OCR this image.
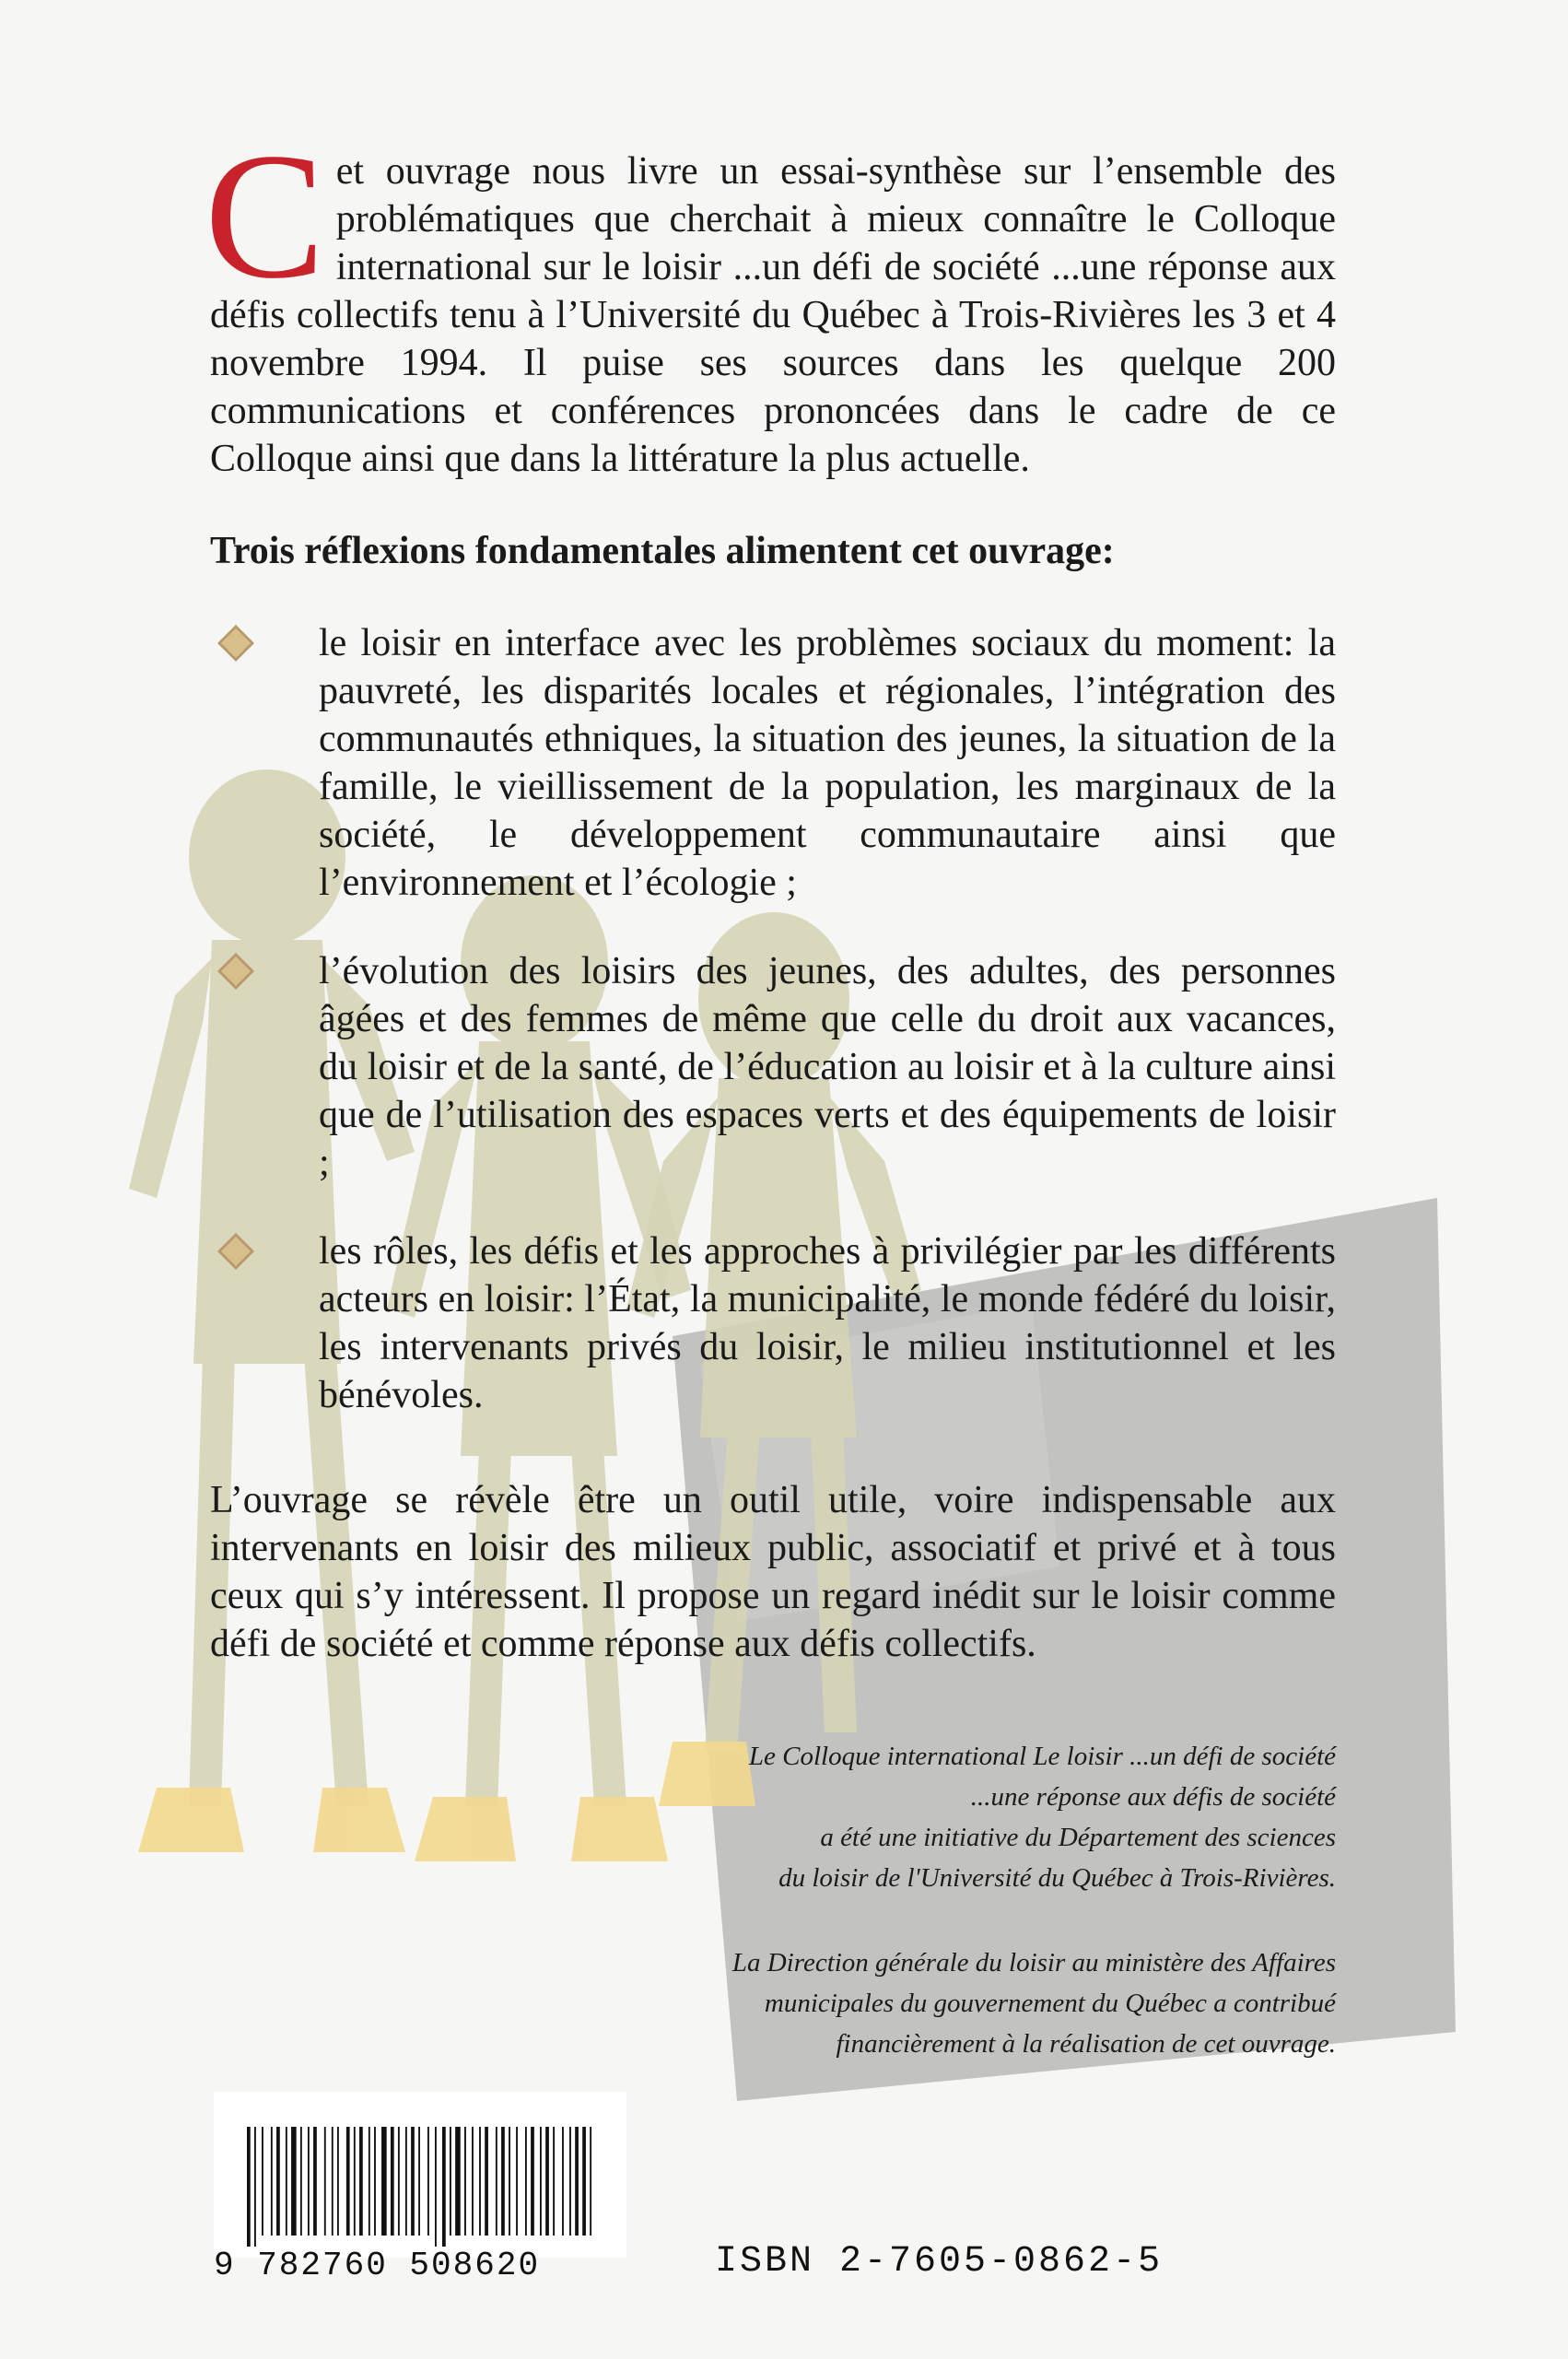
Cet ouvrage nous livre un essai-synthèse sur l’ensemble des problématiques que cherchait à mieux connaître le Colloque international sur le loisir ...un défi de société ...une réponse aux défis collectifs tenu à l’Université du Québec à Trois-Rivières les 3 et 4 novembre 1994. Il puise ses sources dans les quelque 200 communications et conférences prononcées dans le cadre de ce Colloque ainsi que dans la littérature la plus actuelle.

Trois réflexions fondamentales alimentent cet ouvrage:

le loisir en interface avec les problèmes sociaux du moment: la pauvreté, les disparités locales et régionales, l’intégration des communautés ethniques, la situation des jeunes, la situation de la famille, le vieillissement de la population, les marginaux de la société, le développement communautaire ainsi que l’environnement et l’écologie ;
l’évolution des loisirs des jeunes, des adultes, des personnes âgées et des femmes de même que celle du droit aux vacances, du loisir et de la santé, de l’éducation au loisir et à la culture ainsi que de l’utilisation des espaces verts et des équipements de loisir ;
les rôles, les défis et les approches à privilégier par les différents acteurs en loisir: l’État, la municipalité, le monde fédéré du loisir, les intervenants privés du loisir, le milieu institutionnel et les bénévoles.

L’ouvrage se révèle être un outil utile, voire indispensable aux intervenants en loisir des milieux public, associatif et privé et à tous ceux qui s’y intéressent. Il propose un regard inédit sur le loisir comme défi de société et comme réponse aux défis collectifs.

Le Colloque international Le loisir ...un défi de société
...une réponse aux défis de société
a été une initiative du Département des sciences
du loisir de l'Université du Québec à Trois-Rivières.

La Direction générale du loisir au ministère des Affaires
municipales du gouvernement du Québec a contribué
financièrement à la réalisation de cet ouvrage.

9 782760 508620	ISBN 2-7605-0862-5
